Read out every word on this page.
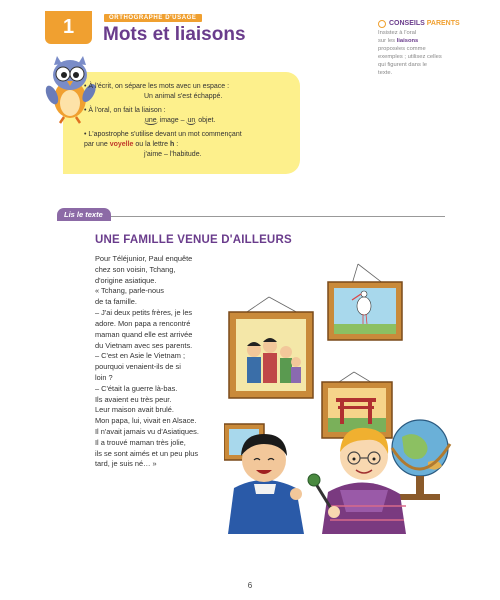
1	ORTHOGRAPHE D'USAGE
Mots et liaisons
CONSEILS PARENTS
Insistez à l'oral
sur les liaisons
proposées comme
exemples ; utilisez celles
qui figurent dans le
texte.

• À l'écrit, on sépare les mots avec un espace :
Un animal s'est échappé.

• À l'oral, on fait la liaison :
une image – un objet.

• L'apostrophe s'utilise devant un mot commençant
par une voyelle ou la lettre h :
j'aime – l'habitude.

Lis le texte
UNE FAMILLE VENUE D'AILLEURS
Pour Téléjunior, Paul enquête
chez son voisin, Tchang,
d'origine asiatique.
« Tchang, parle-nous
de ta famille.
– J'ai deux petits frères, je les
adore. Mon papa a rencontré
maman quand elle est arrivée
du Vietnam avec ses parents.
– C'est en Asie le Vietnam ;
pourquoi venaient-ils de si
loin ?
– C'était la guerre là-bas.
Ils avaient eu très peur.
Leur maison avait brulé.
Mon papa, lui, vivait en Alsace.
Il n'avait jamais vu d'Asiatiques.
Il a trouvé maman très jolie,
ils se sont aimés et un peu plus
tard, je suis né… »
6
